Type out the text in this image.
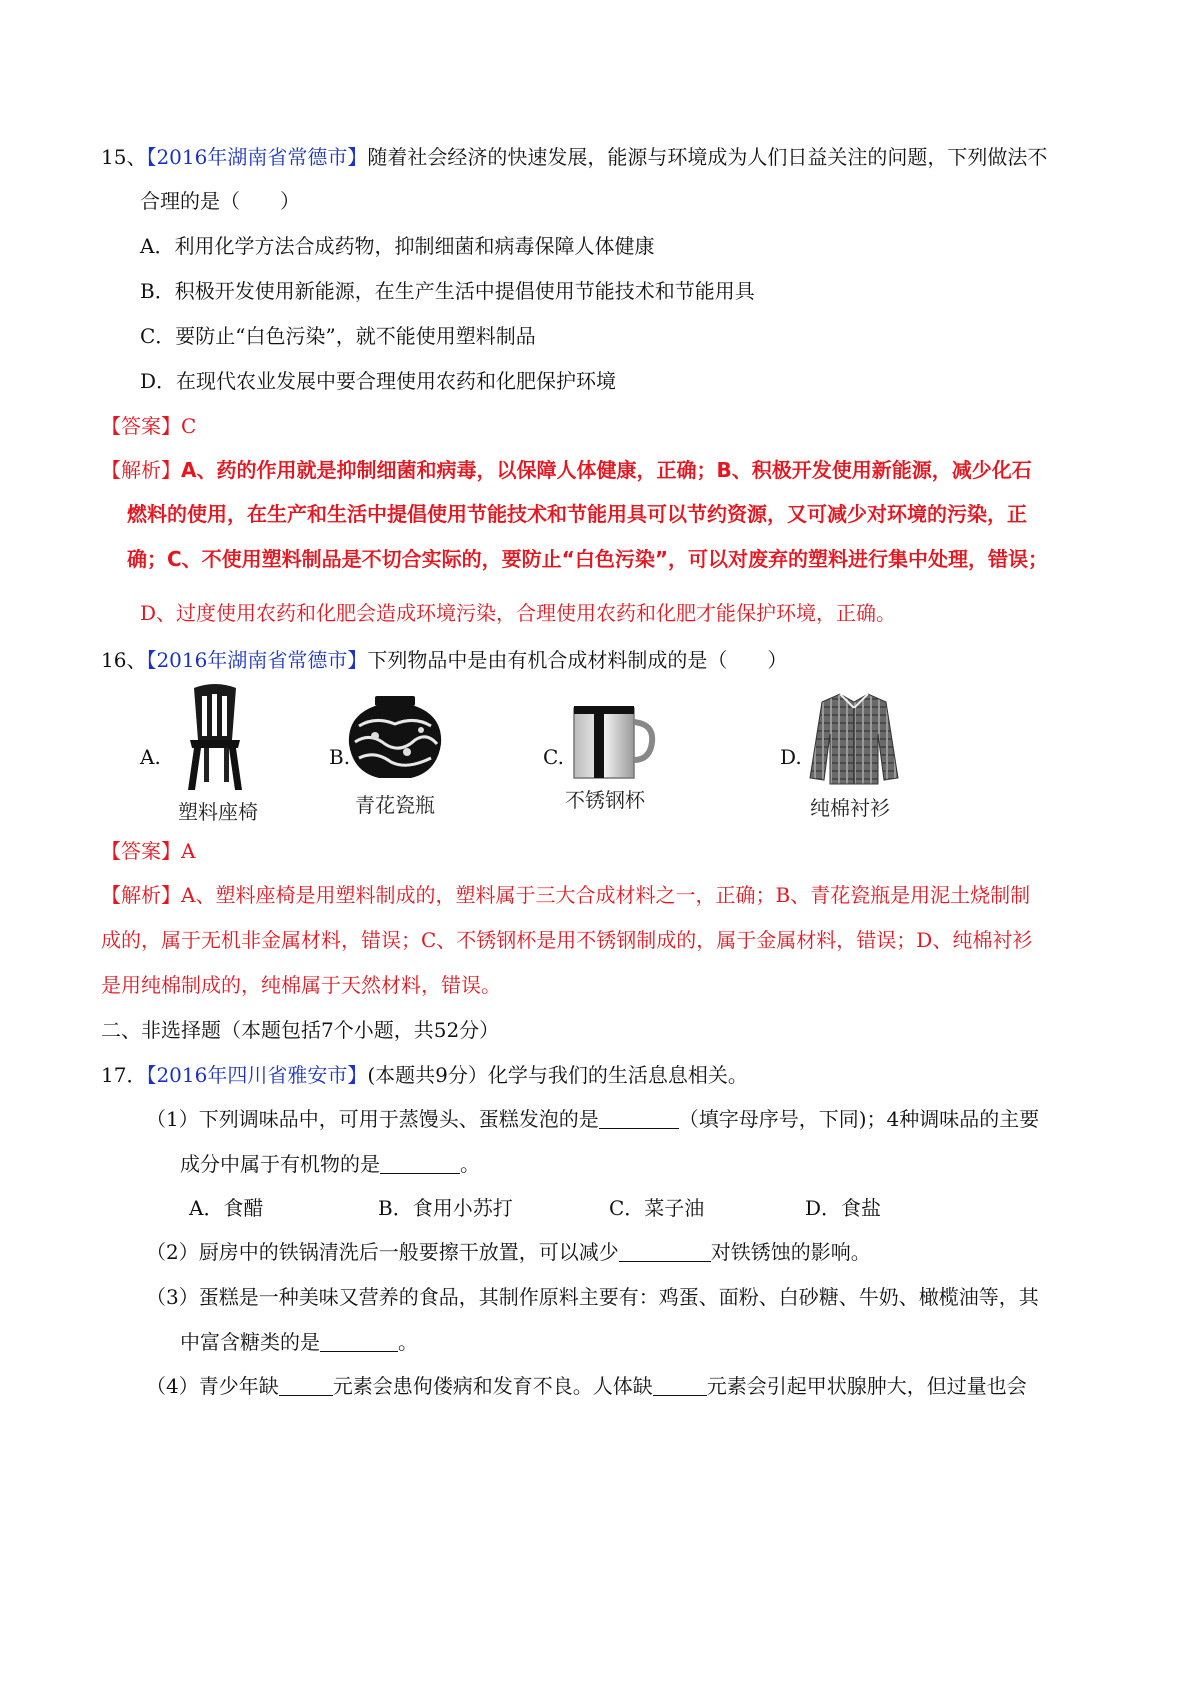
15、【2016年湖南省常德市】随着社会经济的快速发展，能源与环境成为人们日益关注的问题，下列做法不
合理的是（　　）
A．利用化学方法合成药物，抑制细菌和病毒保障人体健康
B．积极开发使用新能源，在生产生活中提倡使用节能技术和节能用具
C．要防止“白色污染”，就不能使用塑料制品
D．在现代农业发展中要合理使用农药和化肥保护环境
【答案】C
【解析】A、药的作用就是抑制细菌和病毒，以保障人体健康，正确；B、积极开发使用新能源，减少化石
燃料的使用，在生产和生活中提倡使用节能技术和节能用具可以节约资源，又可减少对环境的污染，正
确；C、不使用塑料制品是不切合实际的，要防止“白色污染”，可以对废弃的塑料进行集中处理，错误；
D、过度使用农药和化肥会造成环境污染，合理使用农药和化肥才能保护环境，正确。
16、【2016年湖南省常德市】下列物品中是由有机合成材料制成的是（　　）
A.
塑料座椅
B.
青花瓷瓶
C.
不锈钢杯
D.
纯棉衬衫
【答案】A
【解析】A、塑料座椅是用塑料制成的，塑料属于三大合成材料之一，正确；B、青花瓷瓶是用泥土烧制制
成的，属于无机非金属材料，错误；C、不锈钢杯是用不锈钢制成的，属于金属材料，错误；D、纯棉衬衫
是用纯棉制成的，纯棉属于天然材料，错误。
二、非选择题（本题包括7个小题，共52分）
17．【2016年四川省雅安市】(本题共9分）化学与我们的生活息息相关。
（1）下列调味品中，可用于蒸馒头、蛋糕发泡的是	（填字母序号，下同)；4种调味品的主要
成分中属于有机物的是	。
A．食醋	B．食用小苏打	C．菜子油	D．食盐
（2）厨房中的铁锅清洗后一般要擦干放置，可以减少	对铁锈蚀的影响。
（3）蛋糕是一种美味又营养的食品，其制作原料主要有：鸡蛋、面粉、白砂糖、牛奶、橄榄油等，其
中富含糖类的是	。
（4）青少年缺	元素会患佝偻病和发育不良。人体缺	元素会引起甲状腺肿大，但过量也会
